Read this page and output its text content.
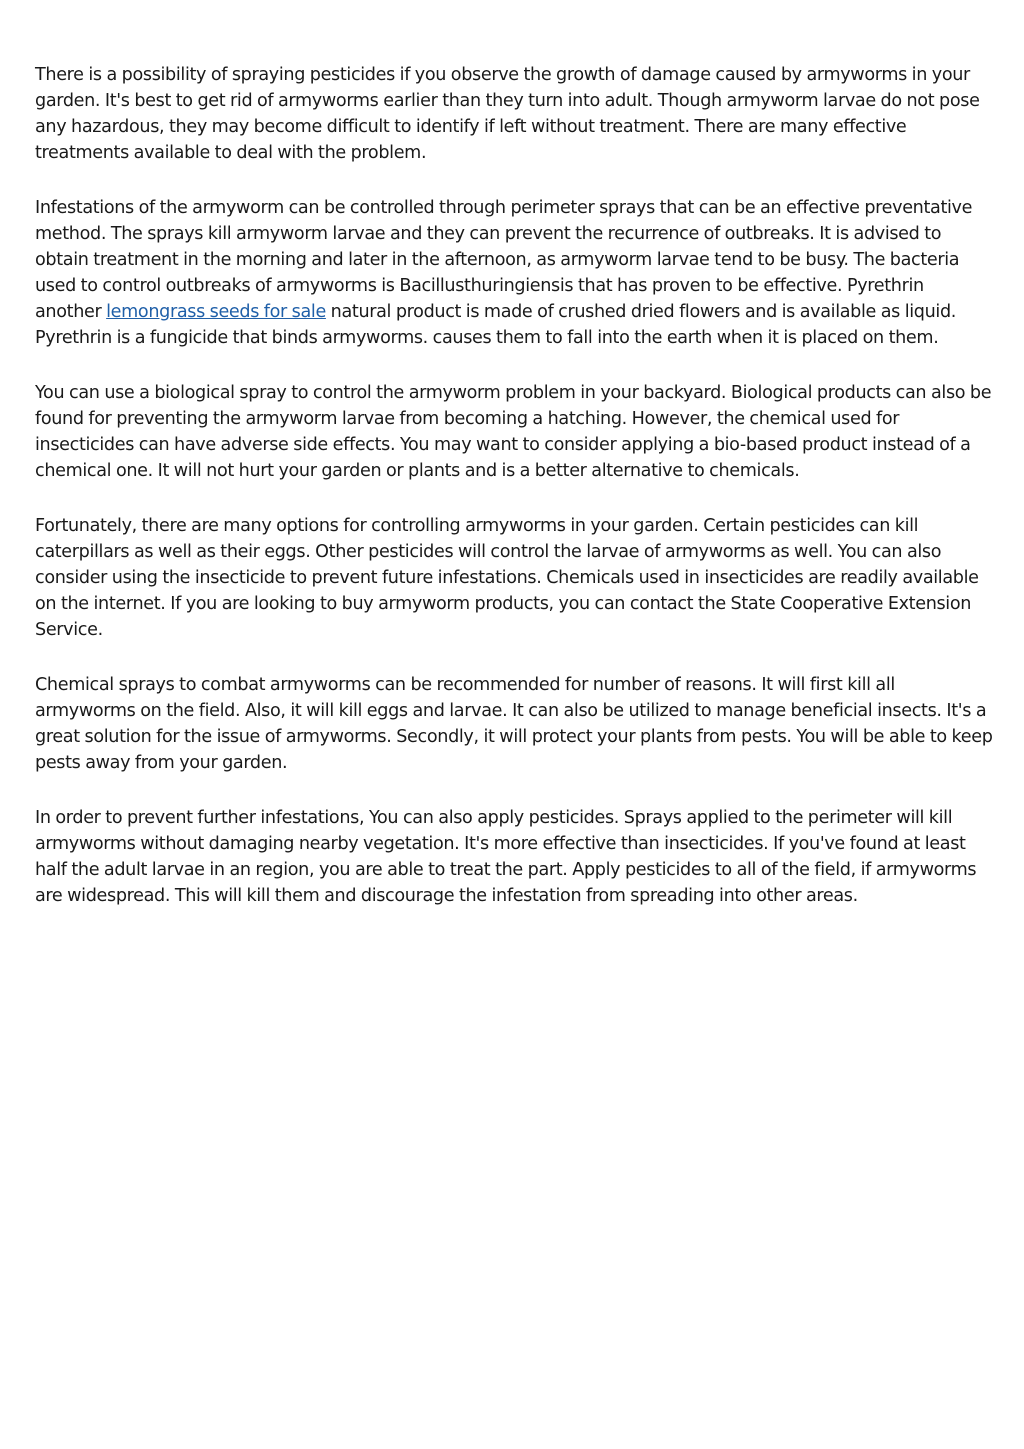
There is a possibility of spraying pesticides if you observe the growth of damage caused by armyworms in your garden. It's best to get rid of armyworms earlier than they turn into adult. Though armyworm larvae do not pose any hazardous, they may become difficult to identify if left without treatment. There are many effective treatments available to deal with the problem.

Infestations of the armyworm can be controlled through perimeter sprays that can be an effective preventative method. The sprays kill armyworm larvae and they can prevent the recurrence of outbreaks. It is advised to obtain treatment in the morning and later in the afternoon, as armyworm larvae tend to be busy. The bacteria used to control outbreaks of armyworms is Bacillusthuringiensis that has proven to be effective. Pyrethrin another lemongrass seeds for sale natural product is made of crushed dried flowers and is available as liquid. Pyrethrin is a fungicide that binds armyworms. causes them to fall into the earth when it is placed on them.

You can use a biological spray to control the armyworm problem in your backyard. Biological products can also be found for preventing the armyworm larvae from becoming a hatching. However, the chemical used for insecticides can have adverse side effects. You may want to consider applying a bio-based product instead of a chemical one. It will not hurt your garden or plants and is a better alternative to chemicals.

Fortunately, there are many options for controlling armyworms in your garden. Certain pesticides can kill caterpillars as well as their eggs. Other pesticides will control the larvae of armyworms as well. You can also consider using the insecticide to prevent future infestations. Chemicals used in insecticides are readily available on the internet. If you are looking to buy armyworm products, you can contact the State Cooperative Extension Service.

Chemical sprays to combat armyworms can be recommended for number of reasons. It will first kill all armyworms on the field. Also, it will kill eggs and larvae. It can also be utilized to manage beneficial insects. It's a great solution for the issue of armyworms. Secondly, it will protect your plants from pests. You will be able to keep pests away from your garden.

In order to prevent further infestations, You can also apply pesticides. Sprays applied to the perimeter will kill armyworms without damaging nearby vegetation. It's more effective than insecticides. If you've found at least half the adult larvae in an region, you are able to treat the part. Apply pesticides to all of the field, if armyworms are widespread. This will kill them and discourage the infestation from spreading into other areas.
